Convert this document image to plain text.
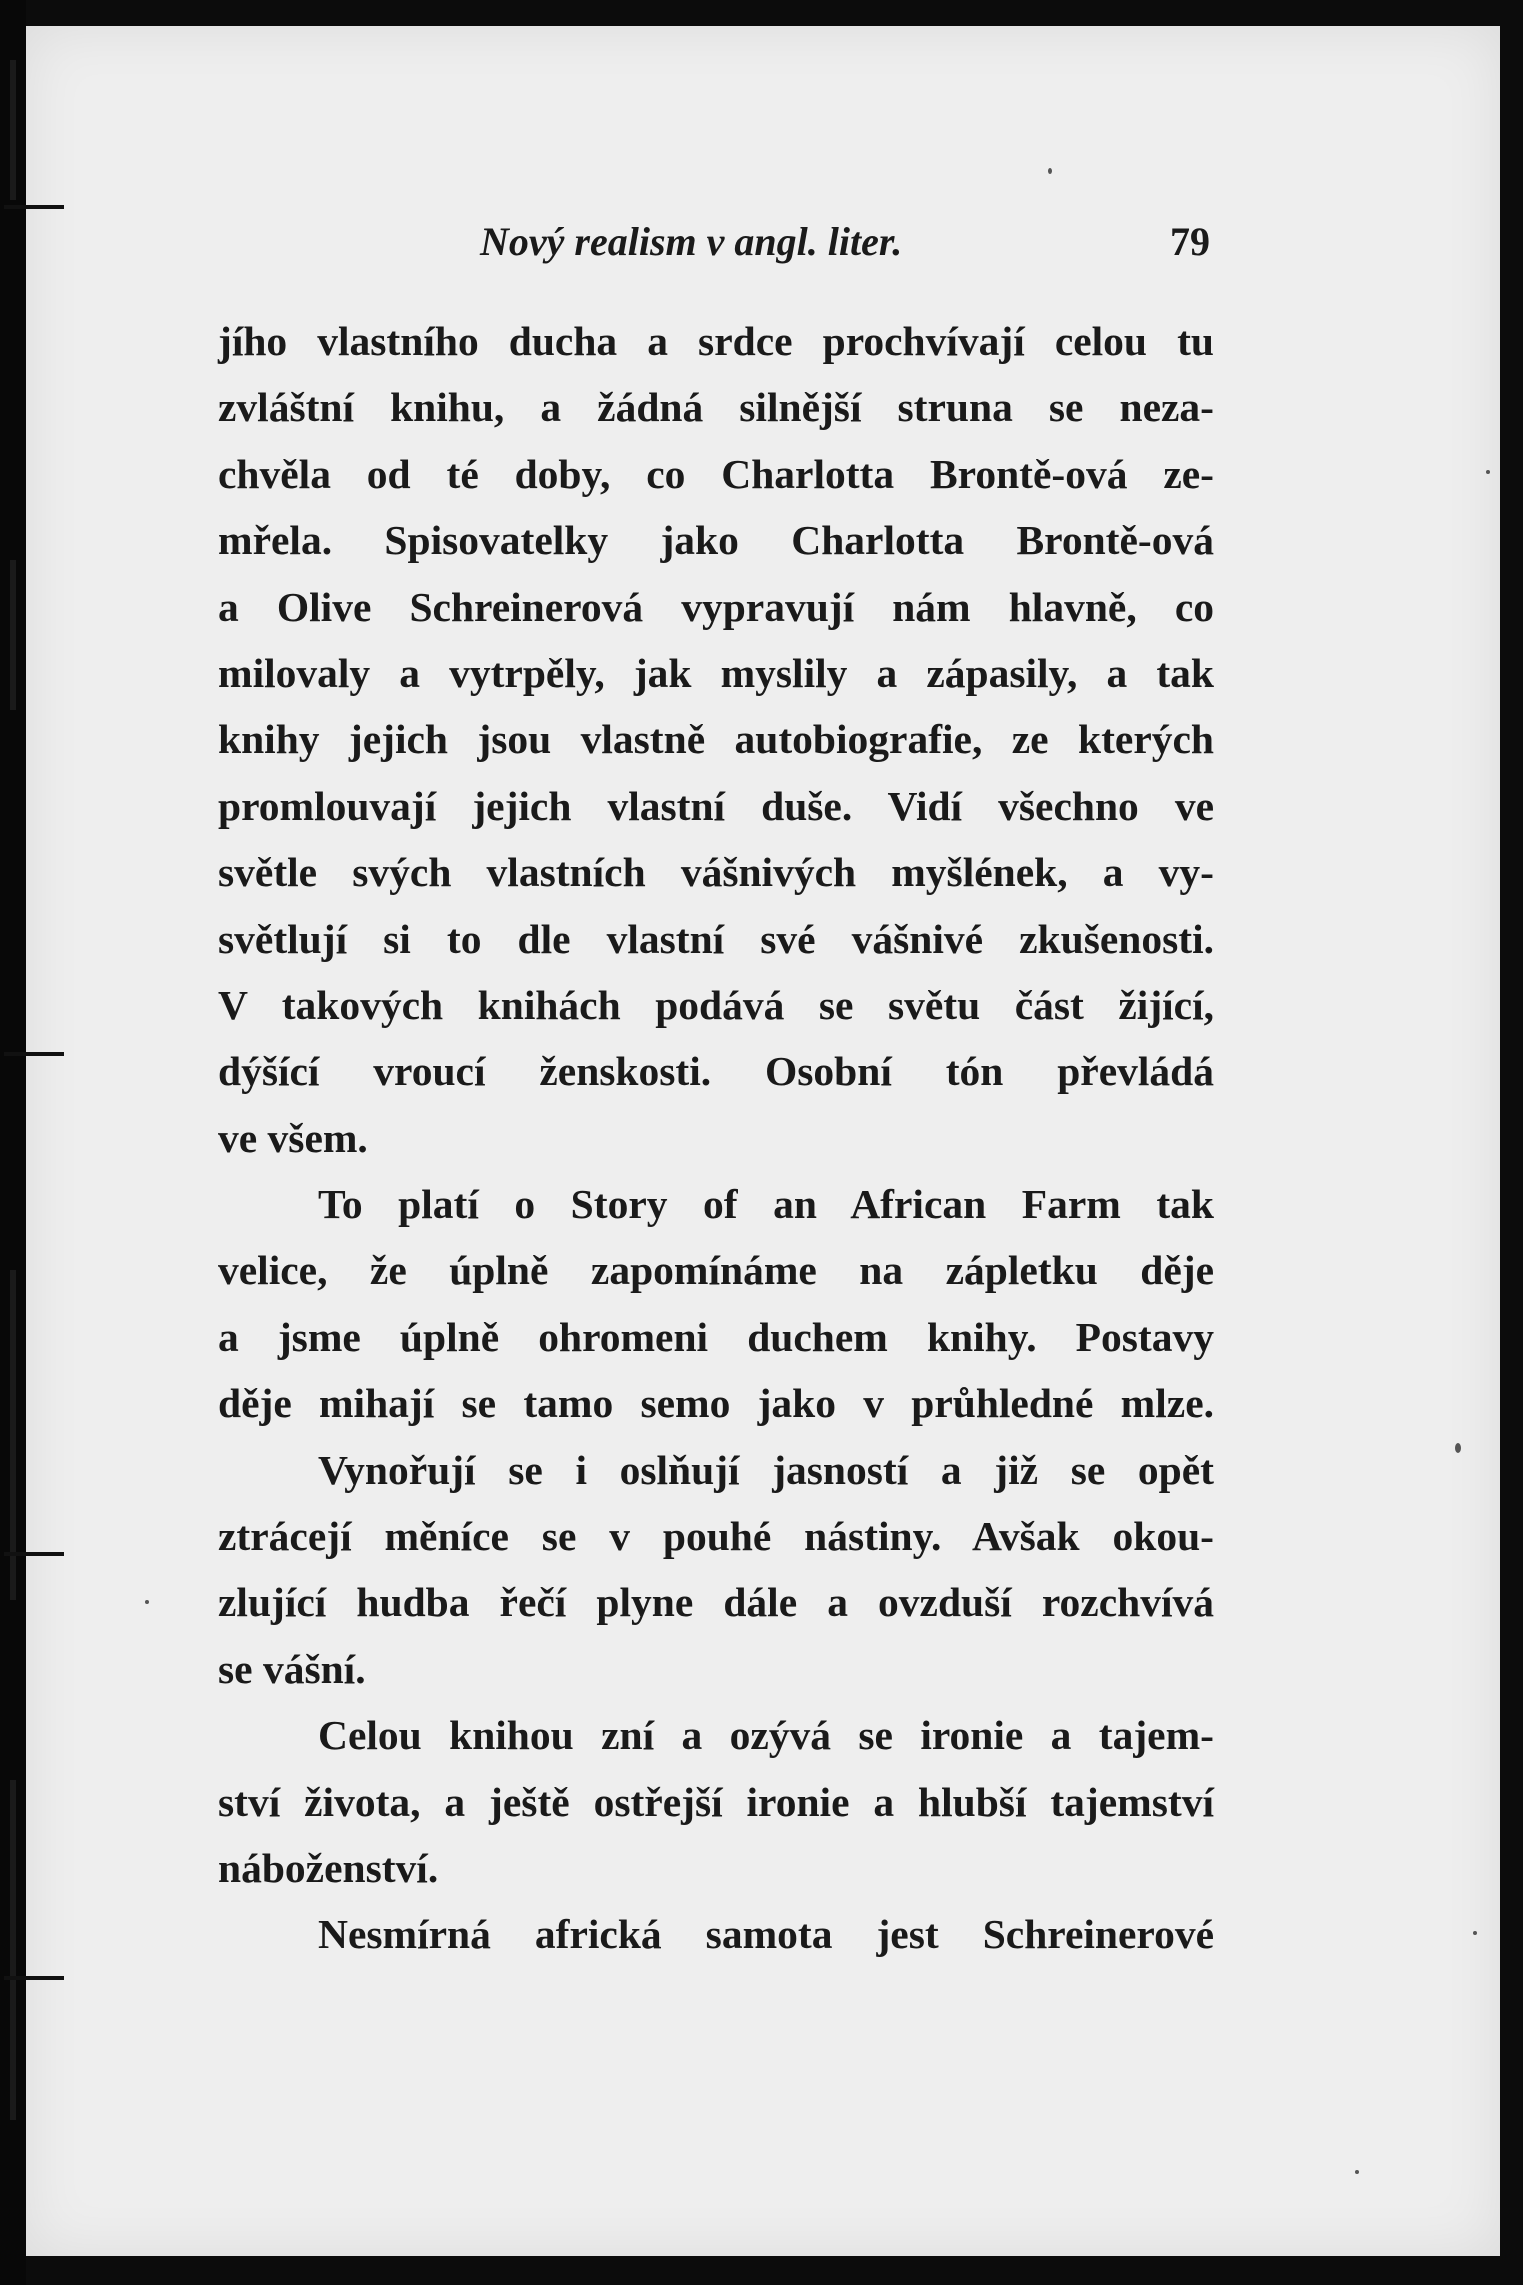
Nový realism v angl. liter.	79
jího vlastního ducha a srdce prochvívají celou tu
zvláštní knihu, a žádná silnější struna se neza-
chvěla od té doby, co Charlotta Brontě-ová ze-
mřela. Spisovatelky jako Charlotta Brontě-ová
a Olive Schreinerová vypravují nám hlavně, co
milovaly a vytrpěly, jak myslily a zápasily, a tak
knihy jejich jsou vlastně autobiografie, ze kterých
promlouvají jejich vlastní duše. Vidí všechno ve
světle svých vlastních vášnivých myšlének, a vy-
světlují si to dle vlastní své vášnivé zkušenosti.
V takových knihách podává se světu část žijící,
dýšící vroucí ženskosti. Osobní tón převládá
ve všem.
To platí o Story of an African Farm tak
velice, že úplně zapomínáme na zápletku děje
a jsme úplně ohromeni duchem knihy. Postavy
děje mihají se tamo semo jako v průhledné mlze.
Vynořují se i oslňují jasností a již se opět
ztrácejí měníce se v pouhé nástiny. Avšak okou-
zlující hudba řečí plyne dále a ovzduší rozchvívá
se vášní.
Celou knihou zní a ozývá se ironie a tajem-
ství života, a ještě ostřejší ironie a hlubší tajemství
náboženství.
Nesmírná africká samota jest Schreinerové
